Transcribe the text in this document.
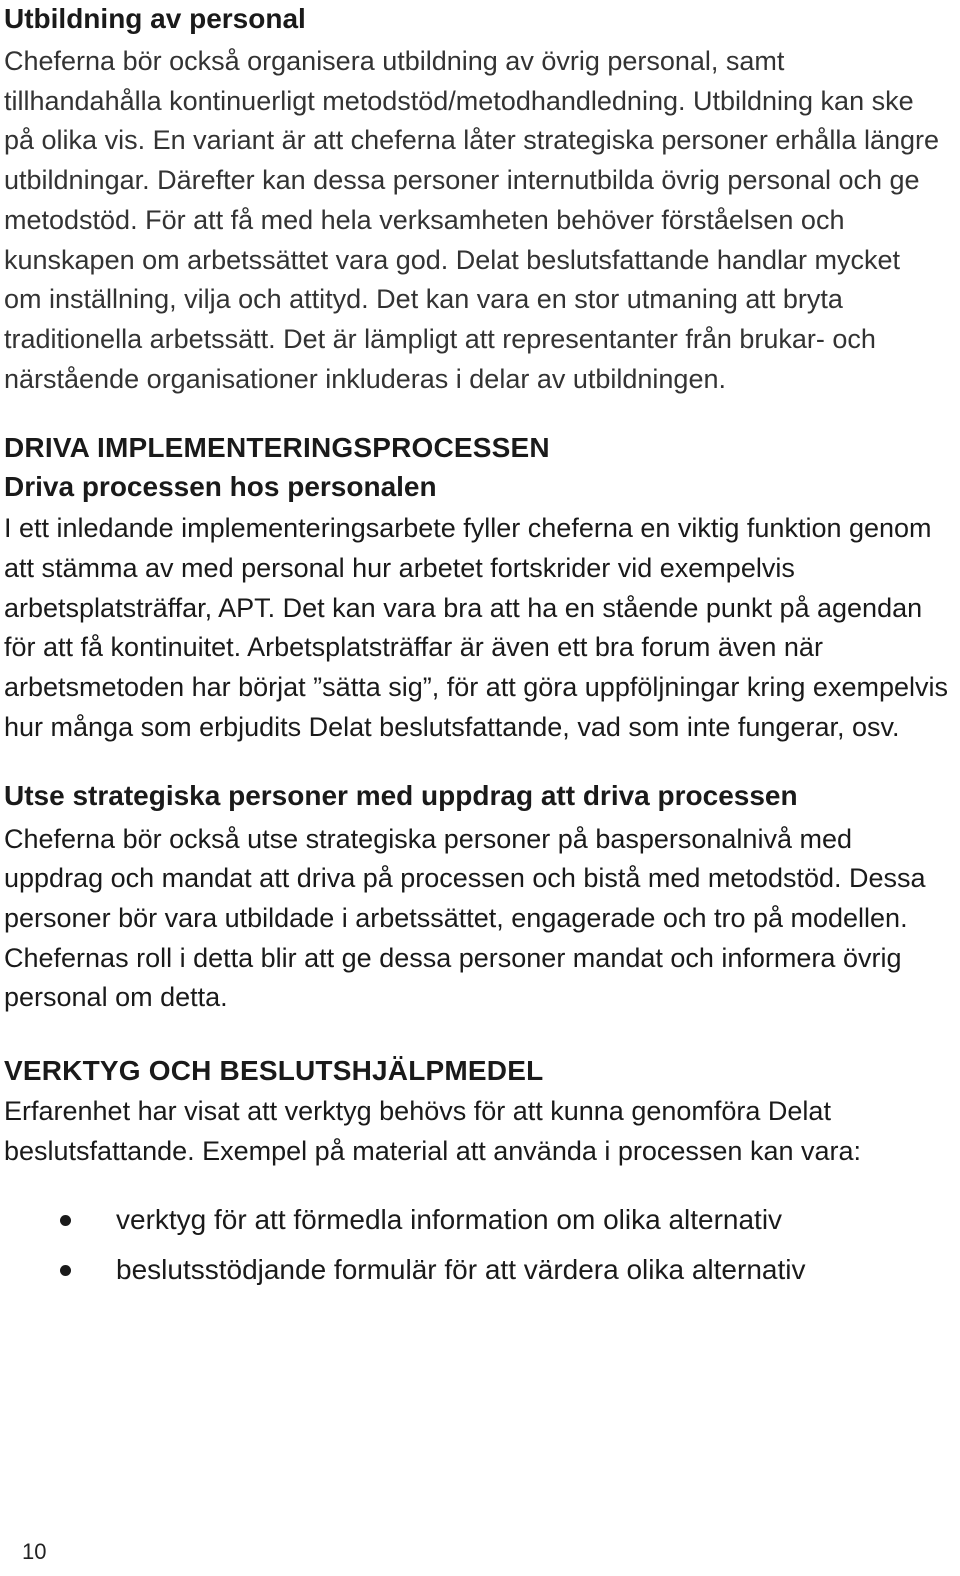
Utbildning av personal

Cheferna bör också organisera utbildning av övrig personal, samt tillhandahålla kontinuerligt metodstöd/metodhandledning. Utbildning kan ske på olika vis. En variant är att cheferna låter strategiska personer erhålla längre utbildningar. Därefter kan dessa personer internutbilda övrig personal och ge metodstöd. För att få med hela verksamheten behöver förståelsen och kunskapen om arbetssättet vara god. Delat beslutsfattande handlar mycket om inställning, vilja och attityd. Det kan vara en stor utmaning att bryta traditionella arbetssätt. Det är lämpligt att representanter från brukar- och närstående organisationer inkluderas i delar av utbildningen.

DRIVA IMPLEMENTERINGSPROCESSEN
Driva processen hos personalen

I ett inledande implementeringsarbete fyller cheferna en viktig funktion genom att stämma av med personal hur arbetet fortskrider vid exempelvis arbetsplatsträffar, APT. Det kan vara bra att ha en stående punkt på agendan för att få kontinuitet. Arbetsplatsträffar är även ett bra forum även när arbetsmetoden har börjat ”sätta sig”, för att göra uppföljningar kring exempelvis hur många som erbjudits Delat beslutsfattande, vad som inte fungerar, osv.

Utse strategiska personer med uppdrag att driva processen

Cheferna bör också utse strategiska personer på baspersonalnivå med uppdrag och mandat att driva på processen och bistå med metodstöd. Dessa personer bör vara utbildade i arbetssättet, engagerade och tro på modellen. Chefernas roll i detta blir att ge dessa personer mandat och informera övrig personal om detta.

VERKTYG OCH BESLUTSHJÄLPMEDEL

Erfarenhet har visat att verktyg behövs för att kunna genomföra Delat beslutsfattande. Exempel på material att använda i processen kan vara:

verktyg för att förmedla information om olika alternativ
beslutsstödjande formulär för att värdera olika alternativ
10
